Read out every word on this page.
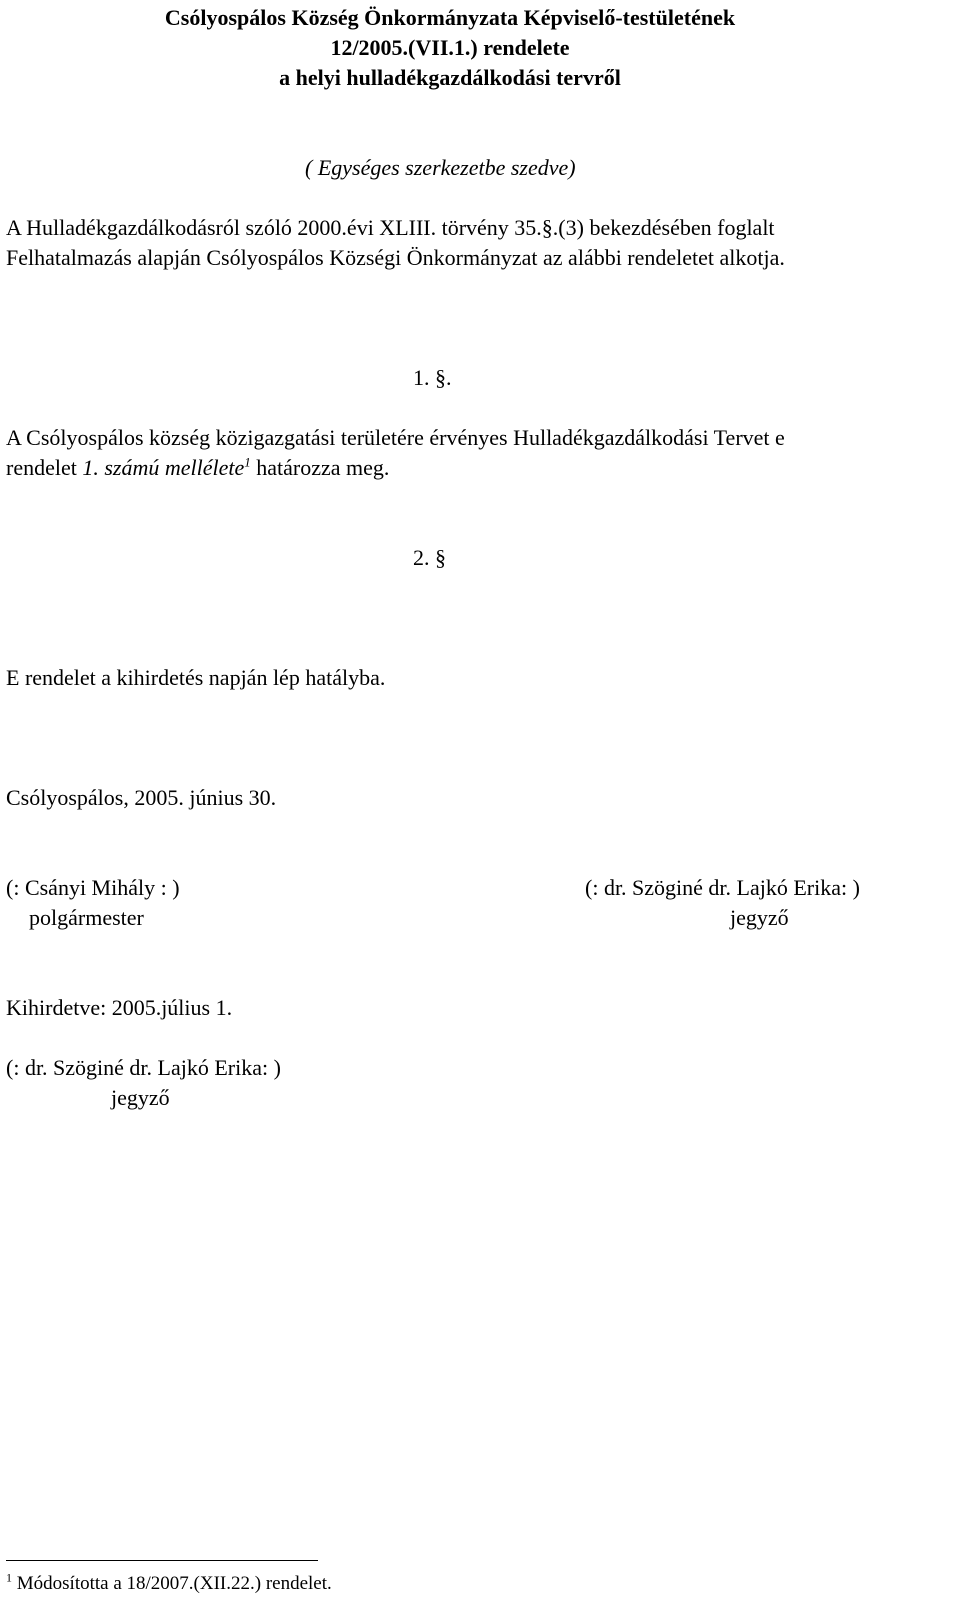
Csólyospálos Község Önkormányzata Képviselő-testületének
12/2005.(VII.1.) rendelete
a helyi hulladékgazdálkodási tervről
( Egységes szerkezetbe szedve)
A Hulladékgazdálkodásról szóló 2000.évi XLIII. törvény 35.§.(3) bekezdésében foglalt
Felhatalmazás alapján Csólyospálos Községi Önkormányzat az alábbi rendeletet alkotja.
1. §.
A Csólyospálos község közigazgatási területére érvényes Hulladékgazdálkodási Tervet e
rendelet 1. számú mellélete$^1$ határozza meg.
2. §
E rendelet a kihirdetés napján lép hatályba.
Csólyospálos, 2005. június 30.
(: Csányi Mihály : )
polgármester
(: dr. Szöginé dr. Lajkó Erika: )
jegyző
Kihirdetve: 2005.július 1.
(: dr. Szöginé dr. Lajkó Erika: )
jegyző
$^1$ Módosította a 18/2007.(XII.22.) rendelet.
